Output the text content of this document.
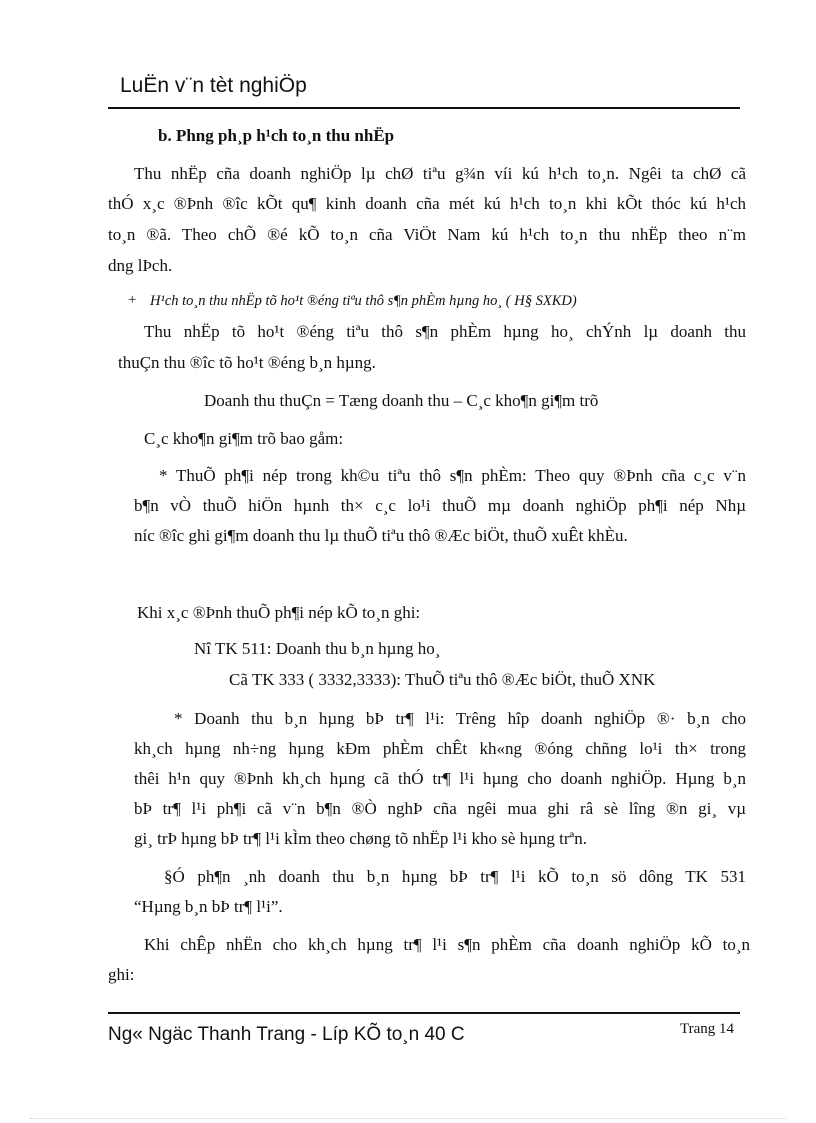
LuËn v¨n tèt nghiÖp
b. Phng ph¸p h¹ch to¸n thu nhËp
Thu nhËp cña doanh nghiÖp lµ chØ tiªu g¾n víi kú h¹ch to¸n. Ngêi ta chØ cã
thÓ x¸c ®Þnh ®îc kÕt qu¶ kinh doanh cña mét kú h¹ch to¸n khi kÕt thóc kú h¹ch
to¸n ®ã. Theo chÕ ®é kÕ to¸n cña ViÖt Nam kú h¹ch to¸n thu nhËp theo n¨m
dng lÞch.
+ H¹ch to¸n thu nhËp tõ ho¹t ®éng tiªu thô s¶n phÈm hµng ho¸ ( H§ SXKD)
Thu nhËp tõ ho¹t ®éng tiªu thô s¶n phÈm hµng ho¸ chÝnh lµ doanh thu
thuÇn thu ®îc tõ ho¹t ®éng b¸n hµng.
Doanh thu thuÇn = Tæng doanh thu – C¸c kho¶n gi¶m trõ
C¸c kho¶n gi¶m trõ bao gåm:
* ThuÕ ph¶i nép trong kh©u tiªu thô s¶n phÈm: Theo quy ®Þnh cña c¸c v¨n
b¶n vÒ thuÕ hiÖn hµnh th× c¸c lo¹i thuÕ mµ doanh nghiÖp ph¶i nép Nhµ
níc ®îc ghi gi¶m doanh thu lµ thuÕ tiªu thô ®Æc biÖt, thuÕ xuÊt khÈu.
Khi x¸c ®Þnh thuÕ ph¶i nép kÕ to¸n ghi:
Nî TK 511: Doanh thu b¸n hµng ho¸
Cã TK 333 ( 3332,3333): ThuÕ tiªu thô ®Æc biÖt, thuÕ XNK
* Doanh thu b¸n hµng bÞ tr¶ l¹i: Trêng hîp doanh nghiÖp ®· b¸n cho
kh¸ch hµng nh÷ng hµng kÐm phÈm chÊt kh«ng ®óng chñng lo¹i th× trong
thêi h¹n quy ®Þnh kh¸ch hµng cã thÓ tr¶ l¹i hµng cho doanh nghiÖp. Hµng b¸n
bÞ tr¶ l¹i ph¶i cã v¨n b¶n ®Ò nghÞ cña ngêi mua ghi râ sè lîng ®n gi¸ vµ
gi¸ trÞ hµng bÞ tr¶ l¹i kÌm theo chøng tõ nhËp l¹i kho sè hµng trªn.
§Ó ph¶n ¸nh doanh thu b¸n hµng bÞ tr¶ l¹i kÕ to¸n sö dông TK 531
“Hµng b¸n bÞ tr¶ l¹i”.
Khi chÊp nhËn cho kh¸ch hµng tr¶ l¹i s¶n phÈm cña doanh nghiÖp kÕ to¸n
ghi:
Ng« Ngäc Thanh Trang - Líp KÕ to¸n 40 C	Trang 14
